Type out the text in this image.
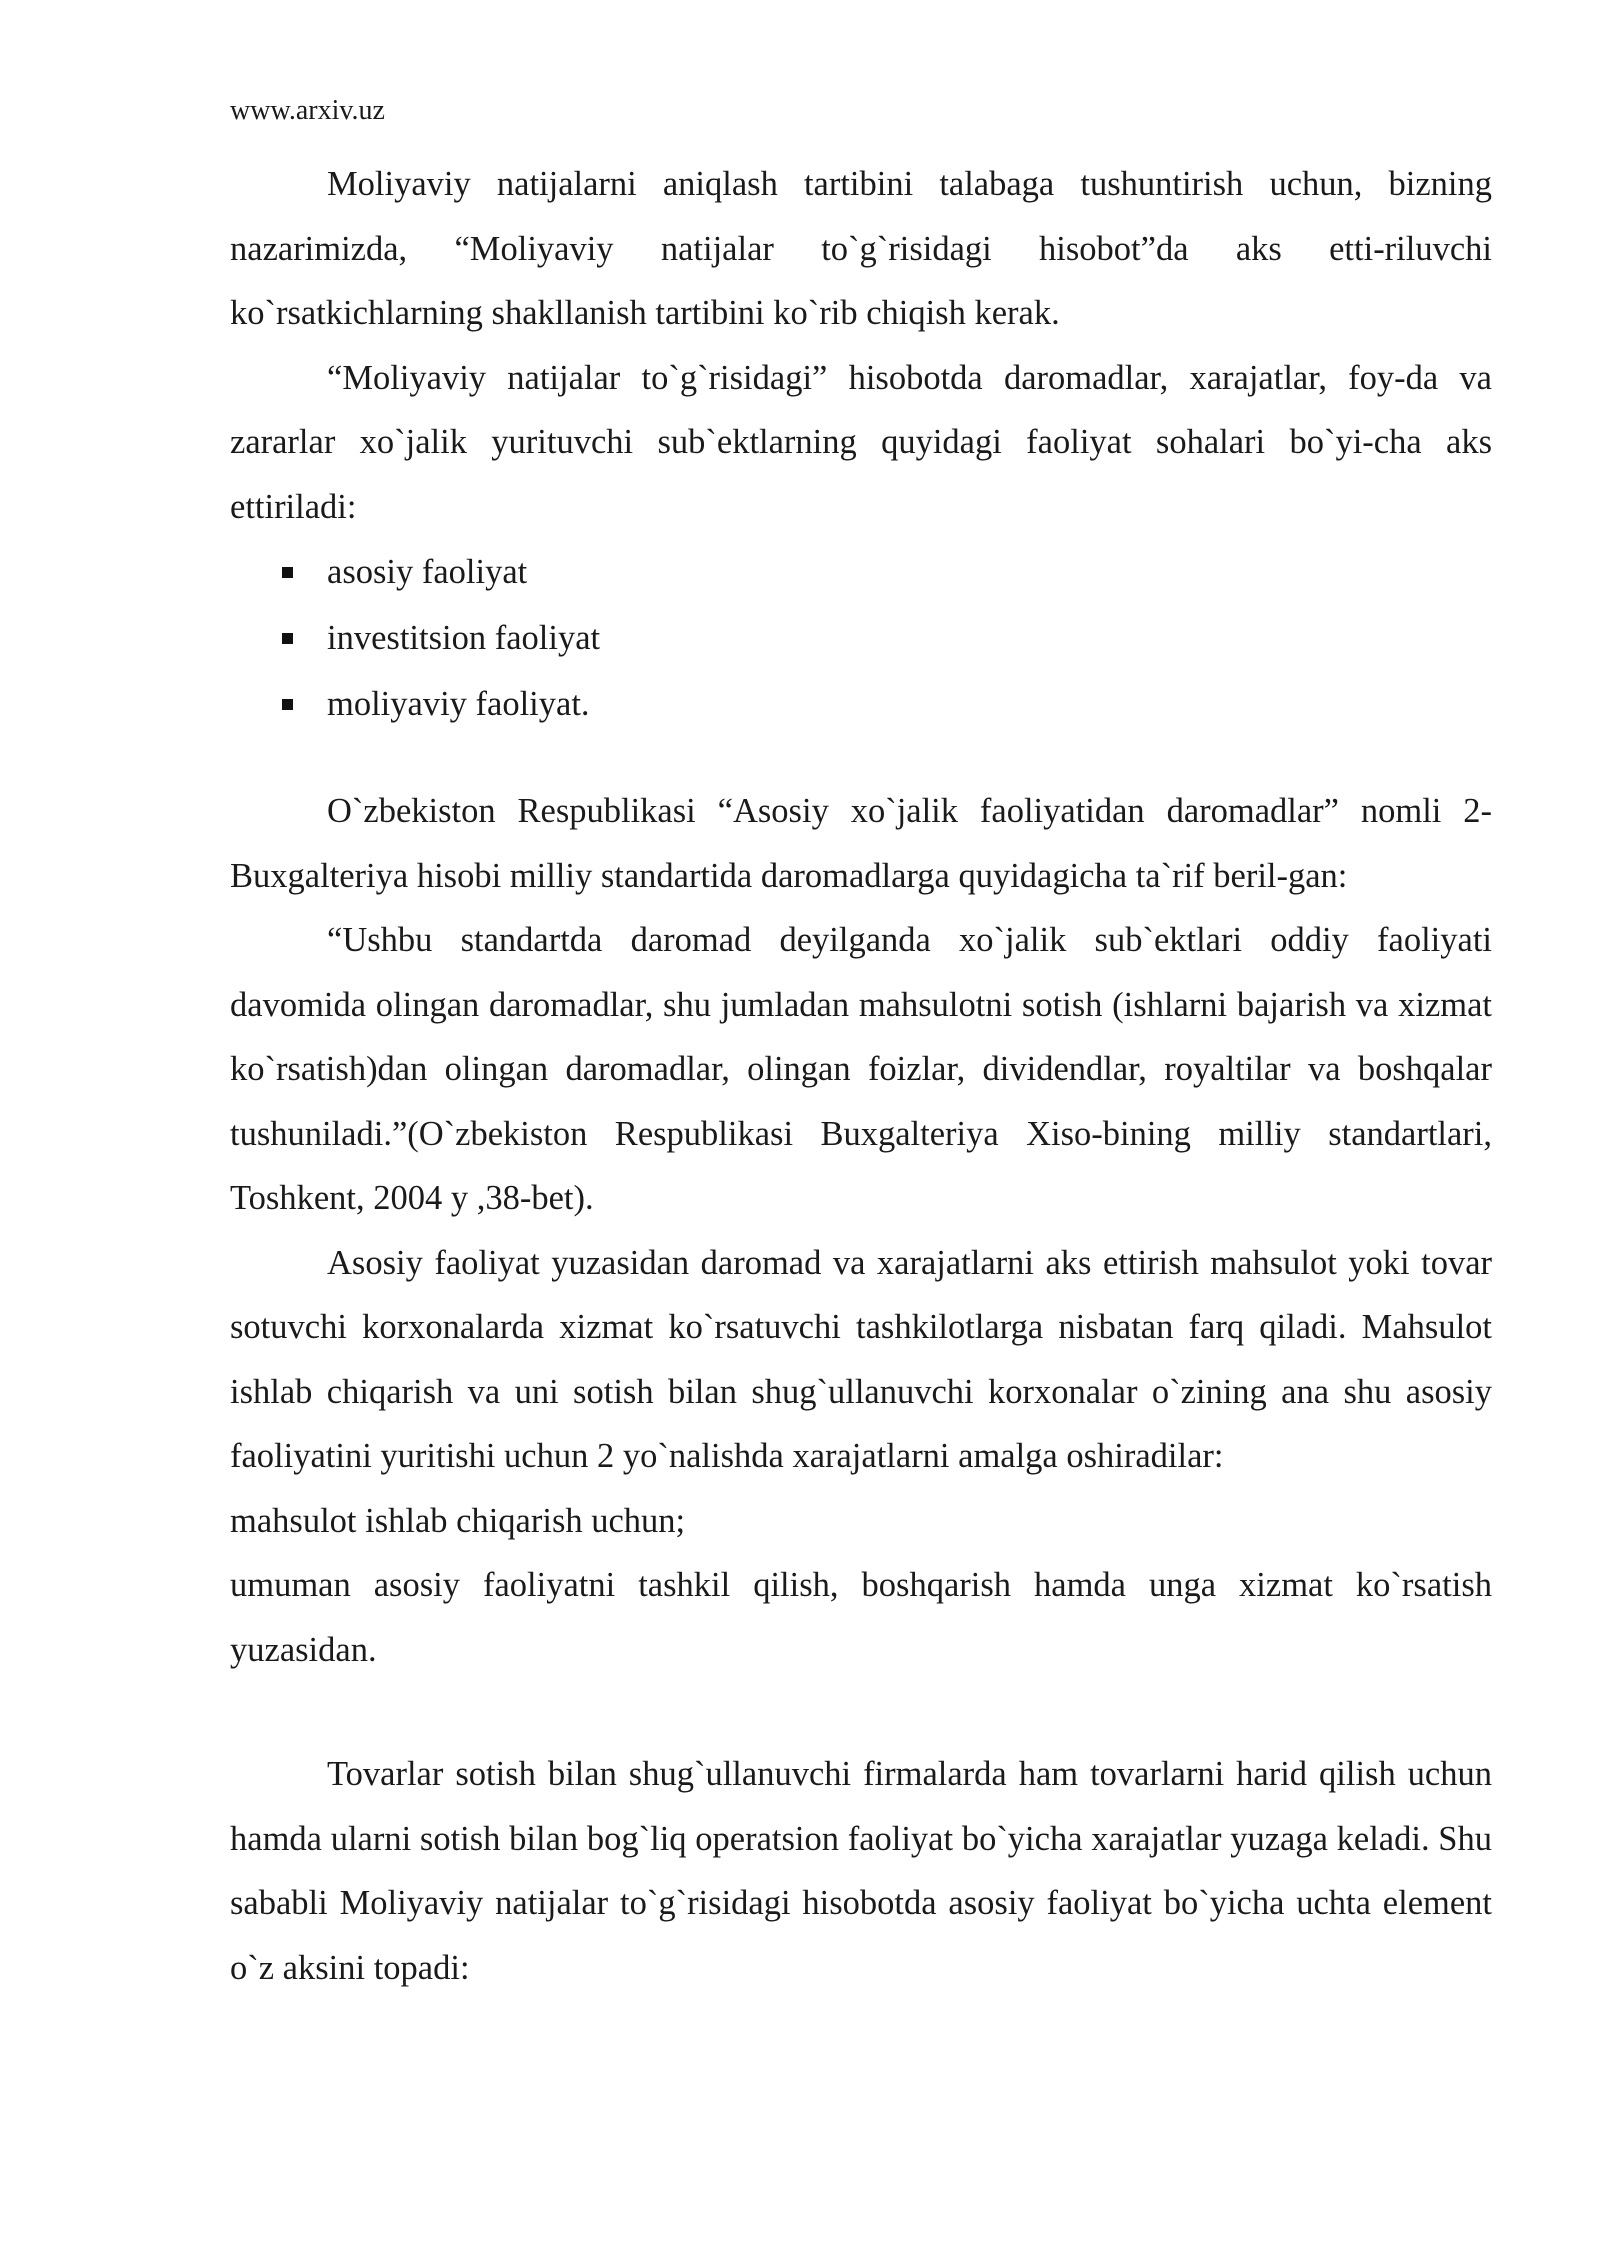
www.arxiv.uz

Moliyaviy natijalarni aniqlash tartibini talabaga tushuntirish uchun, bizning nazarimizda, “Moliyaviy natijalar to`g`risidagi hisobot”da aks etti-riluvchi ko`rsatkichlarning shakllanish tartibini ko`rib chiqish kerak.

“Moliyaviy natijalar to`g`risidagi” hisobotda daromadlar, xarajatlar, foy-da va zararlar xo`jalik yurituvchi sub`ektlarning quyidagi faoliyat sohalari bo`yi-cha aks ettiriladi:

asosiy faoliyat
investitsion faoliyat
moliyaviy faoliyat.

O`zbekiston Respublikasi “Asosiy xo`jalik faoliyatidan daromadlar” nomli 2-Buxgalteriya hisobi milliy standartida daromadlarga quyidagicha ta`rif beril-gan:

“Ushbu standartda daromad deyilganda xo`jalik sub`ektlari oddiy faoliyati davomida olingan daromadlar, shu jumladan mahsulotni sotish (ishlarni bajarish va xizmat ko`rsatish)dan olingan daromadlar, olingan foizlar, dividendlar, royaltilar va boshqalar tushuniladi.”(O`zbekiston Respublikasi Buxgalteriya Xiso-bining milliy standartlari, Toshkent, 2004 y ,38-bet).

Asosiy faoliyat yuzasidan daromad va xarajatlarni aks ettirish mahsulot yoki tovar sotuvchi korxonalarda xizmat ko`rsatuvchi tashkilotlarga nisbatan farq qiladi. Mahsulot ishlab chiqarish va uni sotish bilan shug`ullanuvchi korxonalar o`zining ana shu asosiy faoliyatini yuritishi uchun 2 yo`nalishda xarajatlarni amalga oshiradilar:

mahsulot ishlab chiqarish uchun;

umuman asosiy faoliyatni tashkil qilish, boshqarish hamda unga xizmat ko`rsatish yuzasidan.

Tovarlar sotish bilan shug`ullanuvchi firmalarda ham tovarlarni harid qilish uchun hamda ularni sotish bilan bog`liq operatsion faoliyat bo`yicha xarajatlar yuzaga keladi. Shu sababli Moliyaviy natijalar to`g`risidagi hisobotda asosiy faoliyat bo`yicha uchta element o`z aksini topadi:
